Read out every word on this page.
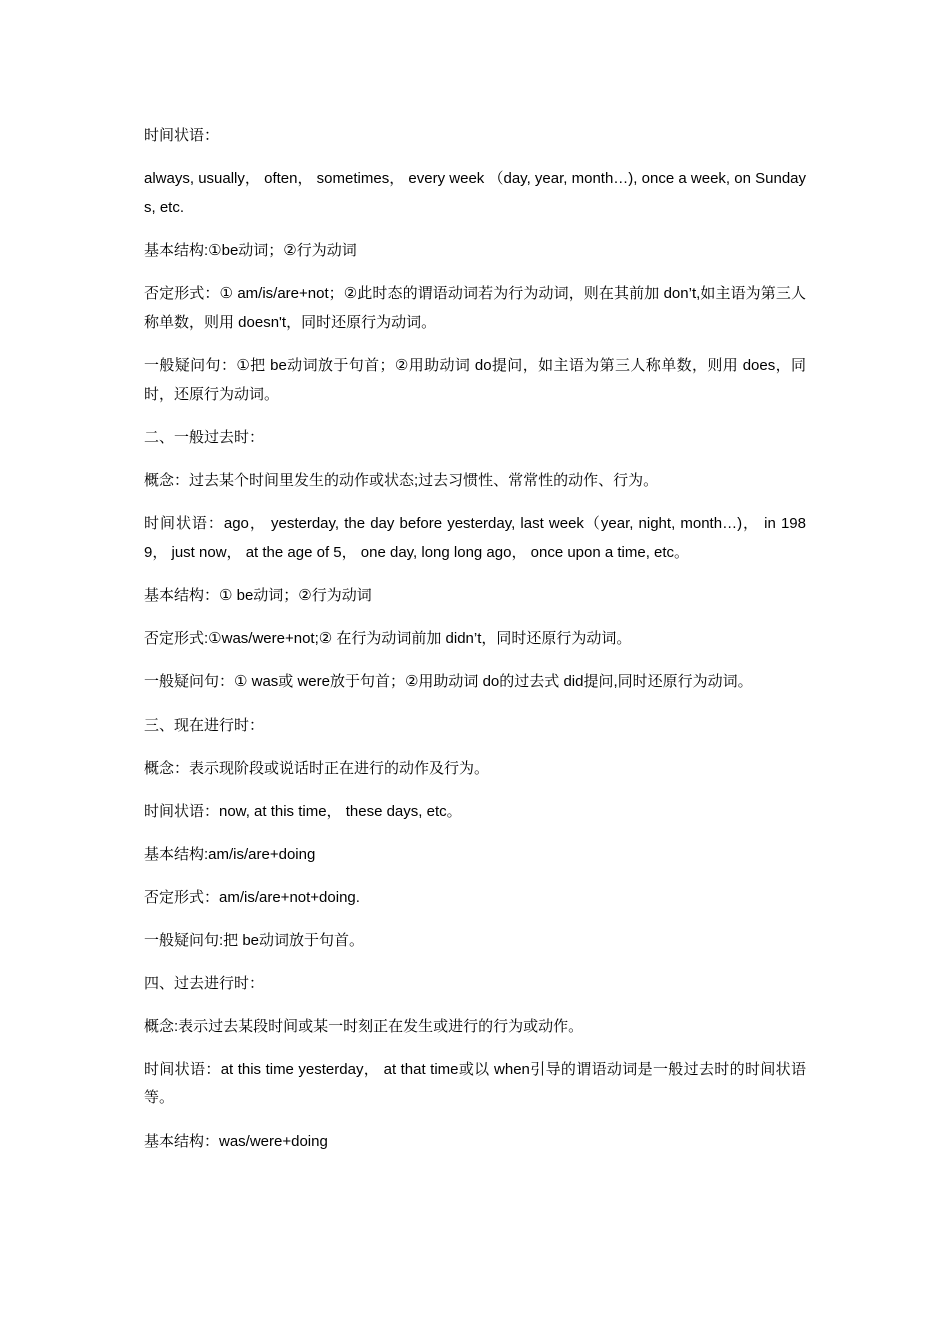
时间状语：

always, usually， often， sometimes， every week （day, year, month…), once a week, on Sundays, etc.

基本结构:①be动词；②行为动词

否定形式：① am/is/are+not；②此时态的谓语动词若为行为动词，则在其前加 don’t,如主语为第三人称单数，则用 doesn't，同时还原行为动词。

一般疑问句：①把 be动词放于句首；②用助动词 do提问，如主语为第三人称单数，则用 does，同时，还原行为动词。

二、一般过去时：

概念：过去某个时间里发生的动作或状态;过去习惯性、常常性的动作、行为。

时间状语：ago， yesterday, the day before yesterday, last week（year, night, month…)， in 1989， just now， at the age of 5， one day, long long ago， once upon a time, etc。

基本结构：① be动词；②行为动词

否定形式:①was/were+not;② 在行为动词前加 didn’t，同时还原行为动词。

一般疑问句：① was或 were放于句首；②用助动词 do的过去式 did提问,同时还原行为动词。

三、现在进行时：

概念：表示现阶段或说话时正在进行的动作及行为。

时间状语：now, at this time， these days, etc。

基本结构:am/is/are+doing

否定形式：am/is/are+not+doing.

一般疑问句:把 be动词放于句首。

四、过去进行时：

概念:表示过去某段时间或某一时刻正在发生或进行的行为或动作。

时间状语：at this time yesterday， at that time或以 when引导的谓语动词是一般过去时的时间状语等。

基本结构：was/were+doing
